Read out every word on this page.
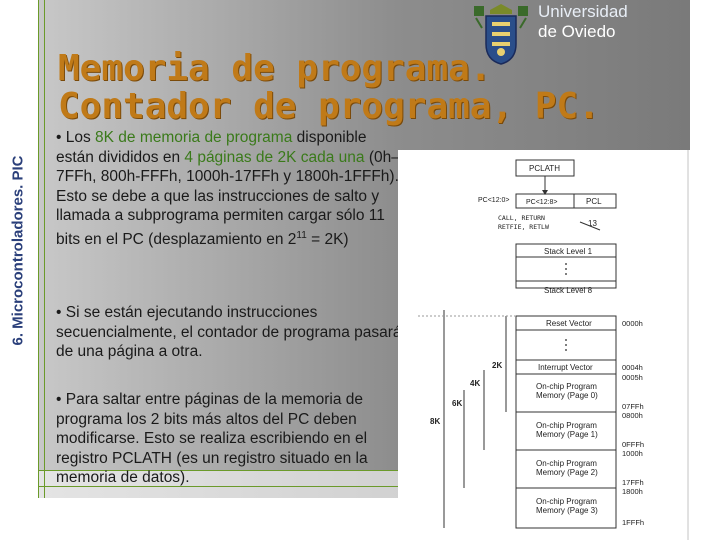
6. Microcontroladores. PIC
Universidad
de Oviedo
Memoria de programa.
Contador de programa, PC.
• Los 8K de memoria de programa disponible están divididos en 4 páginas de 2K cada una (0h–7FFh, 800h-FFFh, 1000h-17FFh y 1800h-1FFFh). Esto se debe a que las instrucciones de salto y llamada a subprograma permiten cargar sólo 11 bits en el PC (desplazamiento en $2^{11} = 2K$)
• Si se están ejecutando instrucciones secuencialmente, el contador de programa pasará de una página a otra.
• Para saltar entre páginas de la memoria de programa los 2 bits más altos del PC deben modificarse. Esto se realiza escribiendo en el registro PCLATH (es un registro situado en la memoria de datos).
PCLATH
PC<12:0> PC<12:8>	PCL
CALL, RETURN
RETFIE, RETLW	13
Stack Level 1
Stack Level 8
Reset Vector
Interrupt Vector
On-chip Program
Memory (Page 0)
On-chip Program
Memory (Page 1)
On-chip Program
Memory (Page 2)
On-chip Program
Memory (Page 3)
0000h
0004h
0005h
07FFh
0800h
0FFFh
1000h
17FFh
1800h
1FFFh
2K
4K
6K
8K
